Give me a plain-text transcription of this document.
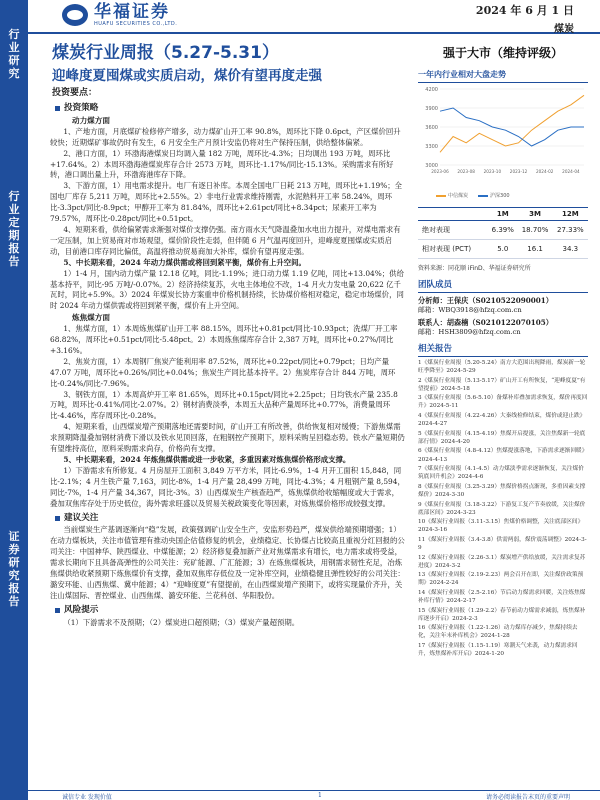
行业研究
行业定期报告
证券研究报告
华福证券
HUAFU SECURITIES CO.,LTD.
2024 年 6 月 1 日
煤炭
煤炭行业周报（5.27-5.31）
迎峰度夏囤煤或实质启动，煤价有望再度走强
投资要点：
投资策略
动力煤方面

1、产地方面，月底煤矿检修停产增多，动力煤矿山开工率 90.8%，周环比下降 0.6pct，产区煤价回升较快；近期煤矿事故仍时有发生，6 月安全生产月预计安监仍将对生产保持压制，供给整体偏紧。

2、港口方面，1）环渤海港煤炭日均调入量 182 万吨，周环比-4.3%；日均调出 193 万吨，周环比+17.64%。2）本周环渤海港煤炭库存合计 2573 万吨，周环比-1.17%/同比-15.13%。采购需求有所好转，港口调出量上升，环渤海港库存下降。

3、下游方面，1）用电需求提升。电厂有逐日补库。本周全国电厂日耗 213 万吨，周环比+1.19%；全国电厂库存 5,211 万吨，周环比+2.55%。2）非电行业需求维持刚需，水泥熟料开工率 58.24%，周环比-3.3pct/同比-8.9pct；甲醇开工率为 81.84%，周环比+2.61pct/同比+8.34pct；尿素开工率为 79.57%，周环比-0.28pct/同比+0.51pct。

4、短期来看，供给偏紧需求渐强对煤价支撑仍强。南方雨水天气降温叠加水电出力提升，对煤电需求有一定压制，加上贸易商对市场观望，煤价阶段性走弱，但伴随 6 月气温再度回升，迎峰度夏囤煤或实质启动，目前港口库存同比偏低，高温将推动贸易商加大补库，煤价有望再度走强。

5、中长期来看，2024 年动力煤供需或将回到紧平衡，煤价有上升空间。

1）1-4 月，国内动力煤产量 12.18 亿吨，同比-1.19%；进口动力煤 1.19 亿吨，同比+13.04%；供给基本持平，同比-95 万吨/-0.07%。2）经济持续复苏，火电主体地位不改，1-4 月火力发电量 20,622 亿千瓦时，同比+5.9%。3）2024 年煤炭长协方案重申价格机制持续，长协煤价格相对稳定，稳定市场煤价，同时 2024 年动力煤供需或将回到紧平衡，煤价有上升空间。

炼焦煤方面

1、焦煤方面，1）本周炼焦煤矿山开工率 88.15%，周环比+0.81pct/同比-10.93pct；洗煤厂开工率 68.82%，周环比+0.51pct/同比-5.48pct。2）本周炼焦煤库存合计 2,387 万吨，周环比+0.27%/同比+3.16%。

2、焦炭方面，1）本周钢厂焦炭产能利用率 87.52%，周环比+0.22pct/同比+0.79pct；日均产量 47.07 万吨，周环比+0.26%/同比+0.04%；焦炭生产同比基本持平。2）焦炭库存合计 844 万吨，周环比-0.24%/同比-7.96%。

3、钢铁方面，1）本周高炉开工率 81.65%，周环比+0.15pct/同比+2.25pct；日均铁水产量 235.8 万吨，周环比-0.41%/同比-2.07%。2）钢材消费淡季，本周五大品种产量周环比+0.77%，消费量周环比-4.46%，库存周环比-0.28%。

4、短期来看，山西煤炭增产预期落地还需要时间，矿山开工有所改善，供给恢复相对缓慢；下游焦煤需求预期降温叠加钢材消费下滑以及铁水见顶回落，在粗钢控产预期下，原料采购呈回稳态势。铁水产量短期仍有望维持高位，原料采购需求尚存，价格尚有支撑。

5、中长期来看，2024 年炼焦煤供需或进一步收紧，多重因素对炼焦煤价格形成支撑。

1）下游需求有所修复。4 月房屋开工面积 3,849 万平方米，同比-6.9%，1-4 月开工面积 15,848，同比-2.1%；4 月生铁产量 7,163，同比-8%，1-4 月产量 28,499 万吨，同比-4.3%；4 月粗钢产量 8,594，同比-7%，1-4 月产量 34,367，同比-3%。3）山西煤炭生产核查趋严，炼焦煤供给收缩幅度或大于需求，叠加双焦库存处于历史低位，海外需求旺盛以及贸易关税政策变化等因素，对炼焦煤价格形成较强支撑。

建议关注

当前煤炭生产基调逐渐向“稳”发展，政策强调矿山安全生产，安监形势趋严，煤炭供给端预期增强；1）在动力煤板块，关注市值管理有推动央国企估值修复的机会，业绩稳定、长协煤占比较高且重视分红回报的公司关注：中国神华、陕西煤业、中煤能源；2）经济修复叠加新产业对焦煤需求有增长，电力需求或将受益，需求长期向下且具备高弹性的公司关注：兖矿能源、广汇能源；3）在炼焦煤板块，用钢需求韧性充足，冶炼焦煤供给收紧预期下炼焦煤价有支撑，叠加双焦库存低位及一定补库空间，业绩稳健且弹性较好的公司关注：潞安环能、山西焦煤、冀中能源；4）“迎峰度夏”有望提前，在山西煤炭增产预期下，或将实现量价齐升，关注山煤国际、晋控煤业、山西焦煤、潞安环能、兰花科创、华阳股份。

风险提示

（1）下游需求不及预期；（2）煤炭进口超预期；（3）煤炭产量超预期。

强于大市（维持评级）
一年内行业相对大盘走势
3000
3300
3600
3900
4200
2023-06 2023-08 2023-10 2023-12 2024-02 2024-04
中信煤炭	沪深300
	1M	3M	12M
绝对表现	6.39%	18.70%	27.33%
相对表现 (PCT)	5.0	16.1	34.3
资料来源：同花顺 iFinD、华福证券研究所
团队成员
分析师：王保庆（S0210522090001）
邮箱：WBQ3918@hfzq.com.cn
联系人：胡森楠（S0210122070105）
邮箱：HSH3809@hfzq.com.cn
相关报告
1《煤炭行业周报（5.20-5.24）南方大范围出现降雨，煤炭新一轮旺季降至》2024-5-29
2《煤炭行业周报（5.13-5.17）矿山开工有所恢复，“迎峰度夏”有望提前》2024-5-18
3《煤炭行业周报（5.6-5.10）备煤补库叠加需求恢复，煤价再度回升》2024-5-11
4《煤炭行业周报（4.22-4.26）大秦线检修结束，煤价或迎止跌》2024-4-27
5《煤炭行业周报（4.15-4.19）焦煤开启提涨，关注焦煤新一轮底部行情》2024-4-20
6《煤炭行业周报（4.8-4.12）焦煤提涨落地，下游需求逐渐回暖》2024-4-13
7《煤炭行业周报（4.1-4.5）动力煤淡季需求逐渐恢复，关注煤价筑底回升机会》2024-4-6
8《煤炭行业周报（3.25-3.29）焦煤价格拐点渐现，多重因素支撑煤价》2024-3-30
9《煤炭行业周报（3.18-3.22）下游复工复产节奏放缓，关注煤价底部区间》2024-3-23
10《煤炭行业周报（3.11-3.15）焦煤价格调整，关注底部区间》2024-3-16
11《煤炭行业周报（3.4-3.8）供需两弱，煤价震荡调整》2024-3-9
12《煤炭行业周报（2.26-3.1）煤炭增产供给放缓，关注需求复苏进度》2024-3-2
13《煤炭行业周报（2.19-2.23）两会召开在即，关注煤价政策预期》2024-2-24
14《煤炭行业周报（2.5-2.16）节后动力煤需求回暖，关注炼焦煤补库行情》2024-2-17
15《煤炭行业周报（1.29-2.2）春节前动力煤需求减弱，炼焦煤补库逐步开启》2024-2-3
16《煤炭行业周报（1.22-1.26）动力煤库存减少，焦煤持续去化，关注年末补库机会》2024-1-28
17《煤炭行业周报（1.15-1.19）寒潮天气来袭，动力煤需求回升，炼焦煤补库开启》2024-1-20
诚信专业 发现价值	1	请务必阅读报告末页的重要声明
